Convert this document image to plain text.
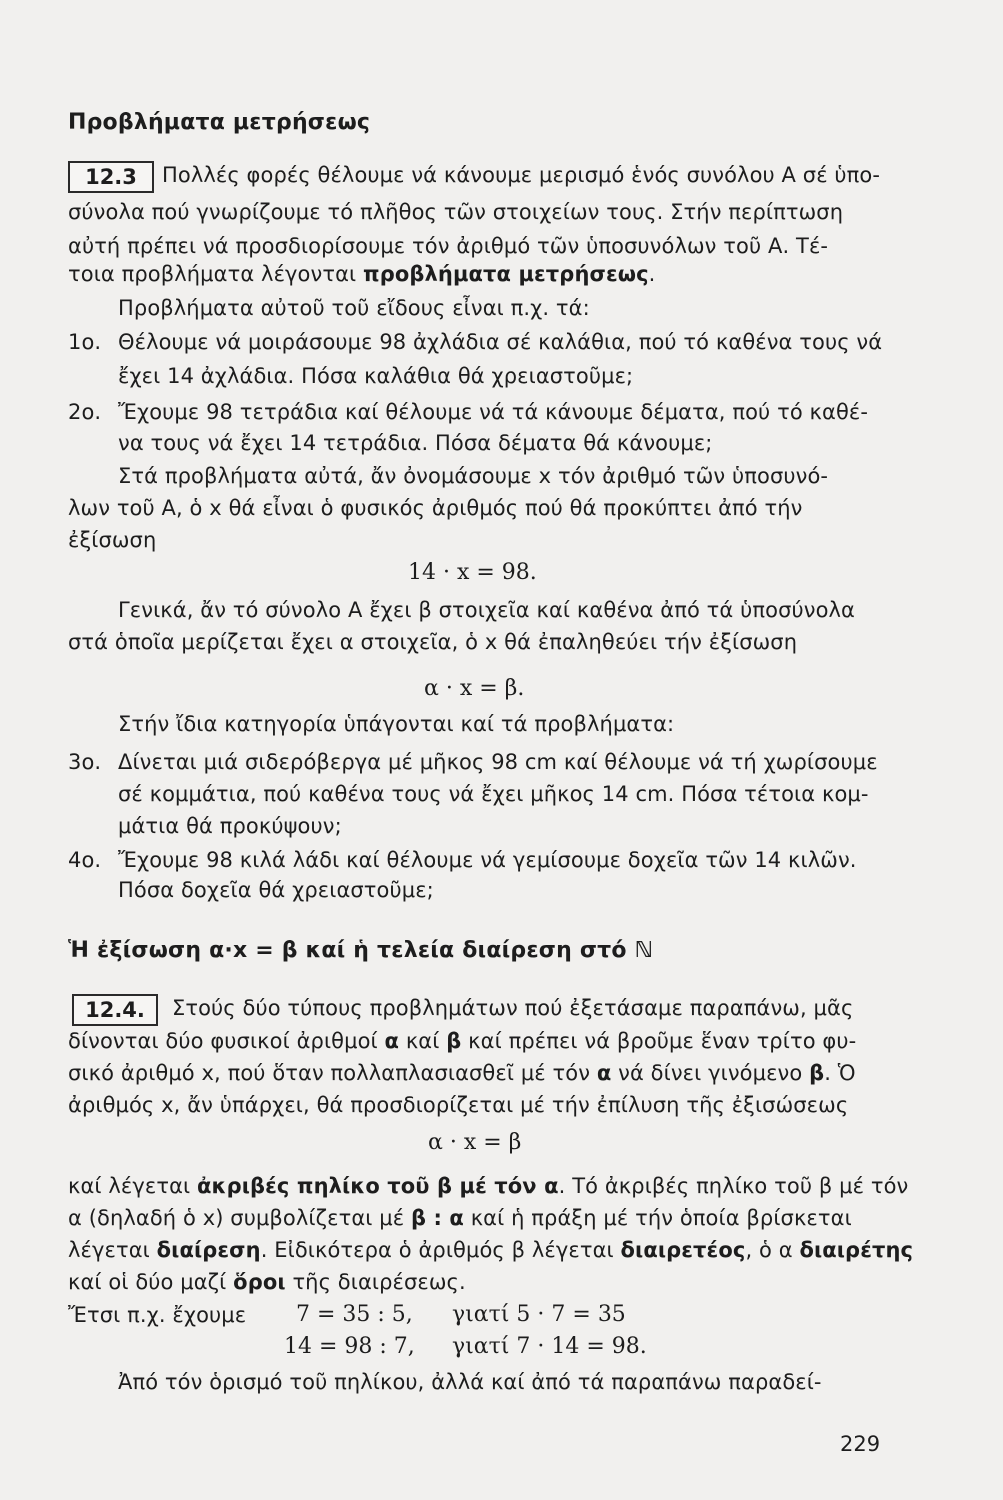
Προβλήματα μετρήσεως
12.3	Πολλές φορές θέλουμε νά κάνουμε μερισμό ἑνός συνόλου Α σέ ὑπο-
σύνολα πού γνωρίζουμε τό πλῆθος τῶν στοιχείων τους. Στήν περίπτωση
αὐτή πρέπει νά προσδιορίσουμε τόν ἀριθμό τῶν ὑποσυνόλων τοῦ Α. Τέ-
τοια προβλήματα λέγονται προβλήματα μετρήσεως.
Προβλήματα αὐτοῦ τοῦ εἴδους εἶναι π.χ. τά:
1ο. Θέλουμε νά μοιράσουμε 98 ἀχλάδια σέ καλάθια, πού τό καθένα τους νά
ἔχει 14 ἀχλάδια. Πόσα καλάθια θά χρειαστοῦμε;
2ο. Ἔχουμε 98 τετράδια καί θέλουμε νά τά κάνουμε δέματα, πού τό καθέ-
να τους νά ἔχει 14 τετράδια. Πόσα δέματα θά κάνουμε;
Στά προβλήματα αὐτά, ἄν ὀνομάσουμε x τόν ἀριθμό τῶν ὑποσυνό-
λων τοῦ Α, ὁ x θά εἶναι ὁ φυσικός ἀριθμός πού θά προκύπτει ἀπό τήν
ἐξίσωση
14 · x = 98.
Γενικά, ἄν τό σύνολο Α ἔχει β στοιχεῖα καί καθένα ἀπό τά ὑποσύνολα
στά ὁποῖα μερίζεται ἔχει α στοιχεῖα, ὁ x θά ἐπαληθεύει τήν ἐξίσωση
α · x = β.
Στήν ἴδια κατηγορία ὑπάγονται καί τά προβλήματα:
3ο. Δίνεται μιά σιδερόβεργα μέ μῆκος 98 cm καί θέλουμε νά τή χωρίσουμε
σέ κομμάτια, πού καθένα τους νά ἔχει μῆκος 14 cm. Πόσα τέτοια κομ-
μάτια θά προκύψουν;
4ο. Ἔχουμε 98 κιλά λάδι καί θέλουμε νά γεμίσουμε δοχεῖα τῶν 14 κιλῶν.
Πόσα δοχεῖα θά χρειαστοῦμε;
Ἡ ἐξίσωση α·x = β καί ἡ τελεία διαίρεση στό ℕ
12.4.	Στούς δύο τύπους προβλημάτων πού ἐξετάσαμε παραπάνω, μᾶς
δίνονται δύο φυσικοί ἀριθμοί α καί β καί πρέπει νά βροῦμε ἕναν τρίτο φυ-
σικό ἀριθμό x, πού ὅταν πολλαπλασιασθεῖ μέ τόν α νά δίνει γινόμενο β. Ὁ
ἀριθμός x, ἄν ὑπάρχει, θά προσδιορίζεται μέ τήν ἐπίλυση τῆς ἐξισώσεως
α · x = β
καί λέγεται ἀκριβές πηλίκο τοῦ β μέ τόν α. Τό ἀκριβές πηλίκο τοῦ β μέ τόν
α (δηλαδή ὁ x) συμβολίζεται μέ β : α καί ἡ πράξη μέ τήν ὁποία βρίσκεται
λέγεται διαίρεση. Εἰδικότερα ὁ ἀριθμός β λέγεται διαιρετέος, ὁ α διαιρέτης
καί οἱ δύο μαζί ὅροι τῆς διαιρέσεως.
Ἔτσι π.χ. ἔχουμε 7 = 35 : 5, γιατί 5 · 7 = 35
14 = 98 : 7, γιατί 7 · 14 = 98.
Ἀπό τόν ὁρισμό τοῦ πηλίκου, ἀλλά καί ἀπό τά παραπάνω παραδεί-
229
